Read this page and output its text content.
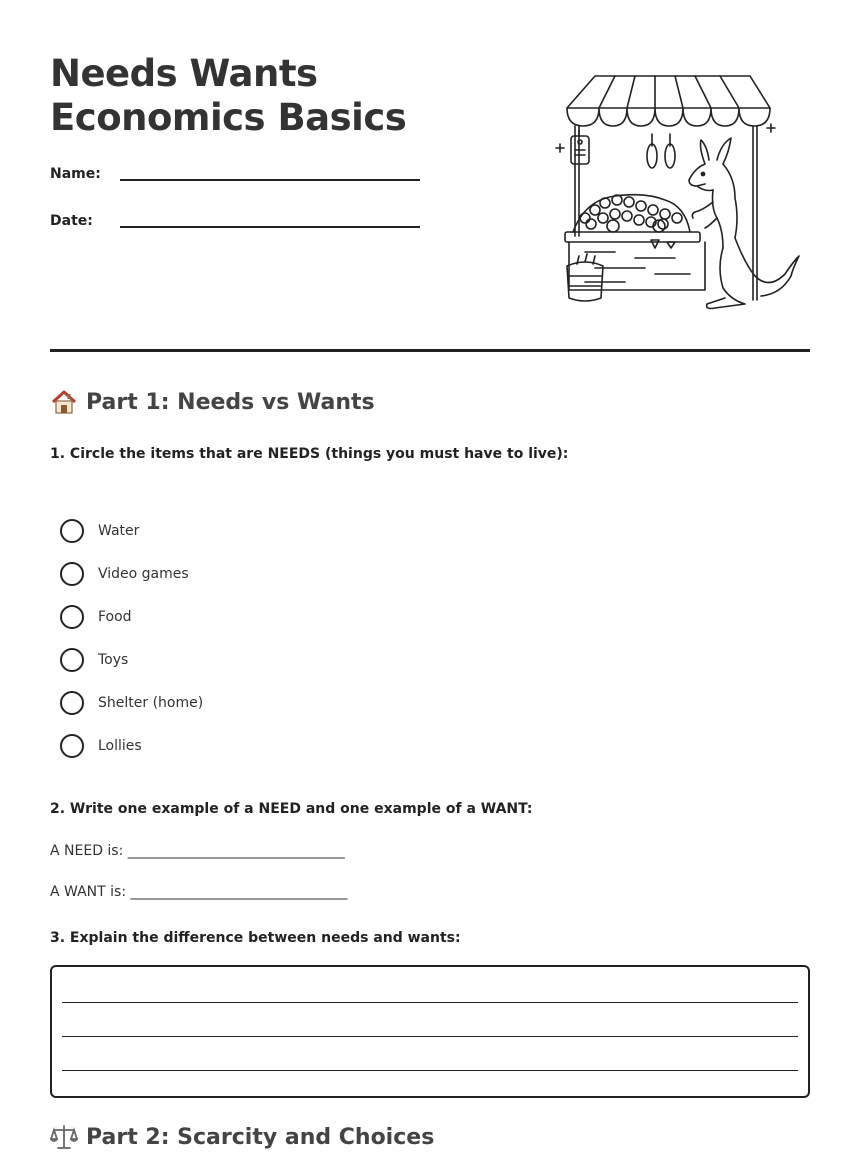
Needs Wants Economics Basics
Name:
Date:
Part 1: Needs vs Wants
1. Circle the items that are NEEDS (things you must have to live):
Water
Video games
Food
Toys
Shelter (home)
Lollies
2. Write one example of a NEED and one example of a WANT:
A NEED is: _______________________________
A WANT is: _______________________________
3. Explain the difference between needs and wants:
Part 2: Scarcity and Choices
